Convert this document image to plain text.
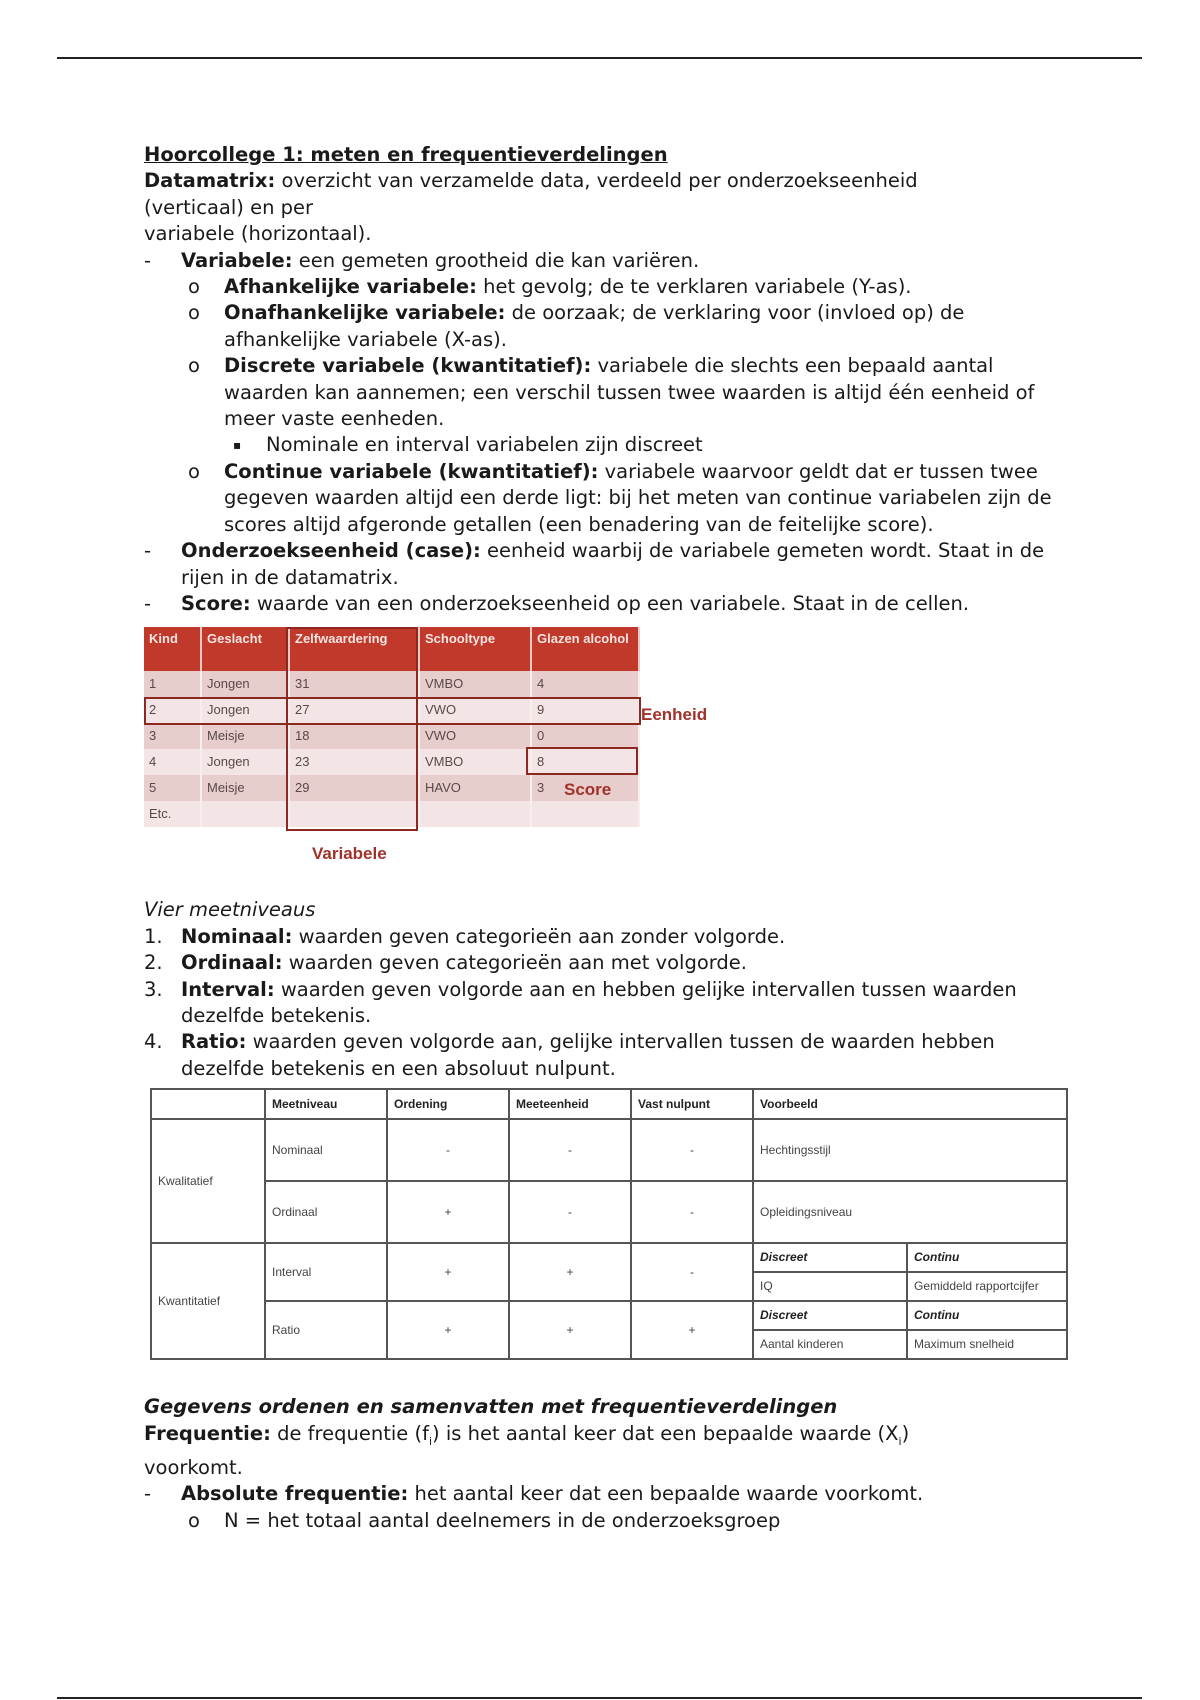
Hoorcollege 1: meten en frequentieverdelingen

Datamatrix: overzicht van verzamelde data, verdeeld per onderzoekseenheid

(verticaal) en per

variabele (horizontaal).

- Variabele: een gemeten grootheid die kan variëren.
o Afhankelijke variabele: het gevolg; de te verklaren variabele (Y-as).
o Onafhankelijke variabele: de oorzaak; de verklaring voor (invloed op) de afhankelijke variabele (X-as).
o Discrete variabele (kwantitatief): variabele die slechts een bepaald aantal waarden kan aannemen; een verschil tussen twee waarden is altijd één eenheid of meer vaste eenheden.
▪ Nominale en interval variabelen zijn discreet
o Continue variabele (kwantitatief): variabele waarvoor geldt dat er tussen twee gegeven waarden altijd een derde ligt: bij het meten van continue variabelen zijn de scores altijd afgeronde getallen (een benadering van de feitelijke score).
- Onderzoekseenheid (case): eenheid waarbij de variabele gemeten wordt. Staat in de rijen in de datamatrix.
- Score: waarde van een onderzoekseenheid op een variabele. Staat in de cellen.
Kind	Geslacht	Zelfwaardering	Schooltype	Glazen alcohol
1	Jongen	31	VMBO	4
2	Jongen	27	VWO	9
3	Meisje	18	VWO	0
4	Jongen	23	VMBO	8
5	Meisje	29	HAVO	3
Etc.				
Eenheid
Score
Variabele

Vier meetniveaus

1. Nominaal: waarden geven categorieën aan zonder volgorde.
2. Ordinaal: waarden geven categorieën aan met volgorde.
3. Interval: waarden geven volgorde aan en hebben gelijke intervallen tussen waarden dezelfde betekenis.
4. Ratio: waarden geven volgorde aan, gelijke intervallen tussen de waarden hebben dezelfde betekenis en een absoluut nulpunt.
	Meetniveau	Ordening	Meeteenheid	Vast nulpunt	Voorbeeld	
Kwalitatief	Nominaal	-	-	-	Hechtingsstijl	
	Ordinaal	+	-	-	Opleidingsniveau	
Kwantitatief	Interval	+	+	-	Discreet	Continu
					IQ	Gemiddeld rapportcijfer
	Ratio	+	+	+	Discreet	Continu
					Aantal kinderen	Maximum snelheid

Gegevens ordenen en samenvatten met frequentieverdelingen

Frequentie: de frequentie $(f_i)$ is het aantal keer dat een bepaalde waarde $(X_i)$

voorkomt.

- Absolute frequentie: het aantal keer dat een bepaalde waarde voorkomt.
o N = het totaal aantal deelnemers in de onderzoeksgroep
